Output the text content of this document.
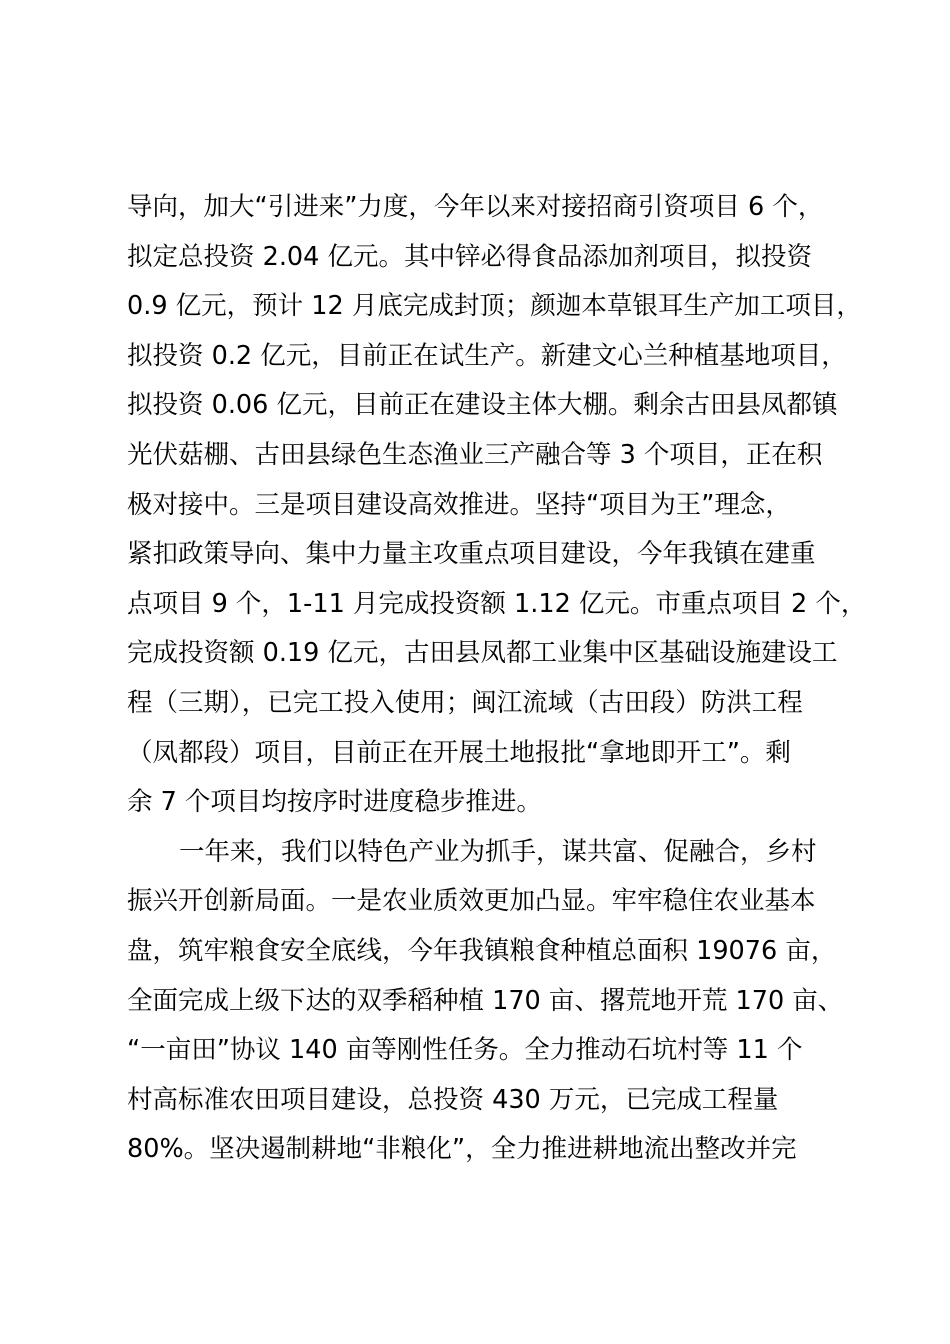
导向，加大“引进来”力度，今年以来对接招商引资项目 6 个，
拟定总投资 2.04 亿元。其中锌必得食品添加剂项目，拟投资
0.9 亿元，预计 12 月底完成封顶；颜迦本草银耳生产加工项目，
拟投资 0.2 亿元，目前正在试生产。新建文心兰种植基地项目，
拟投资 0.06 亿元，目前正在建设主体大棚。剩余古田县凤都镇
光伏菇棚、古田县绿色生态渔业三产融合等 3 个项目，正在积
极对接中。三是项目建设高效推进。坚持“项目为王”理念，
紧扣政策导向、集中力量主攻重点项目建设，今年我镇在建重
点项目 9 个，1-11 月完成投资额 1.12 亿元。市重点项目 2 个，
完成投资额 0.19 亿元，古田县凤都工业集中区基础设施建设工
程（三期），已完工投入使用；闽江流域（古田段）防洪工程
（凤都段）项目，目前正在开展土地报批“拿地即开工”。剩
余 7 个项目均按序时进度稳步推进。
一年来，我们以特色产业为抓手，谋共富、促融合，乡村
振兴开创新局面。一是农业质效更加凸显。牢牢稳住农业基本
盘，筑牢粮食安全底线，今年我镇粮食种植总面积 19076 亩，
全面完成上级下达的双季稻种植 170 亩、撂荒地开荒 170 亩、
“一亩田”协议 140 亩等刚性任务。全力推动石坑村等 11 个
村高标准农田项目建设，总投资 430 万元，已完成工程量
80%。坚决遏制耕地“非粮化”，全力推进耕地流出整改并完
